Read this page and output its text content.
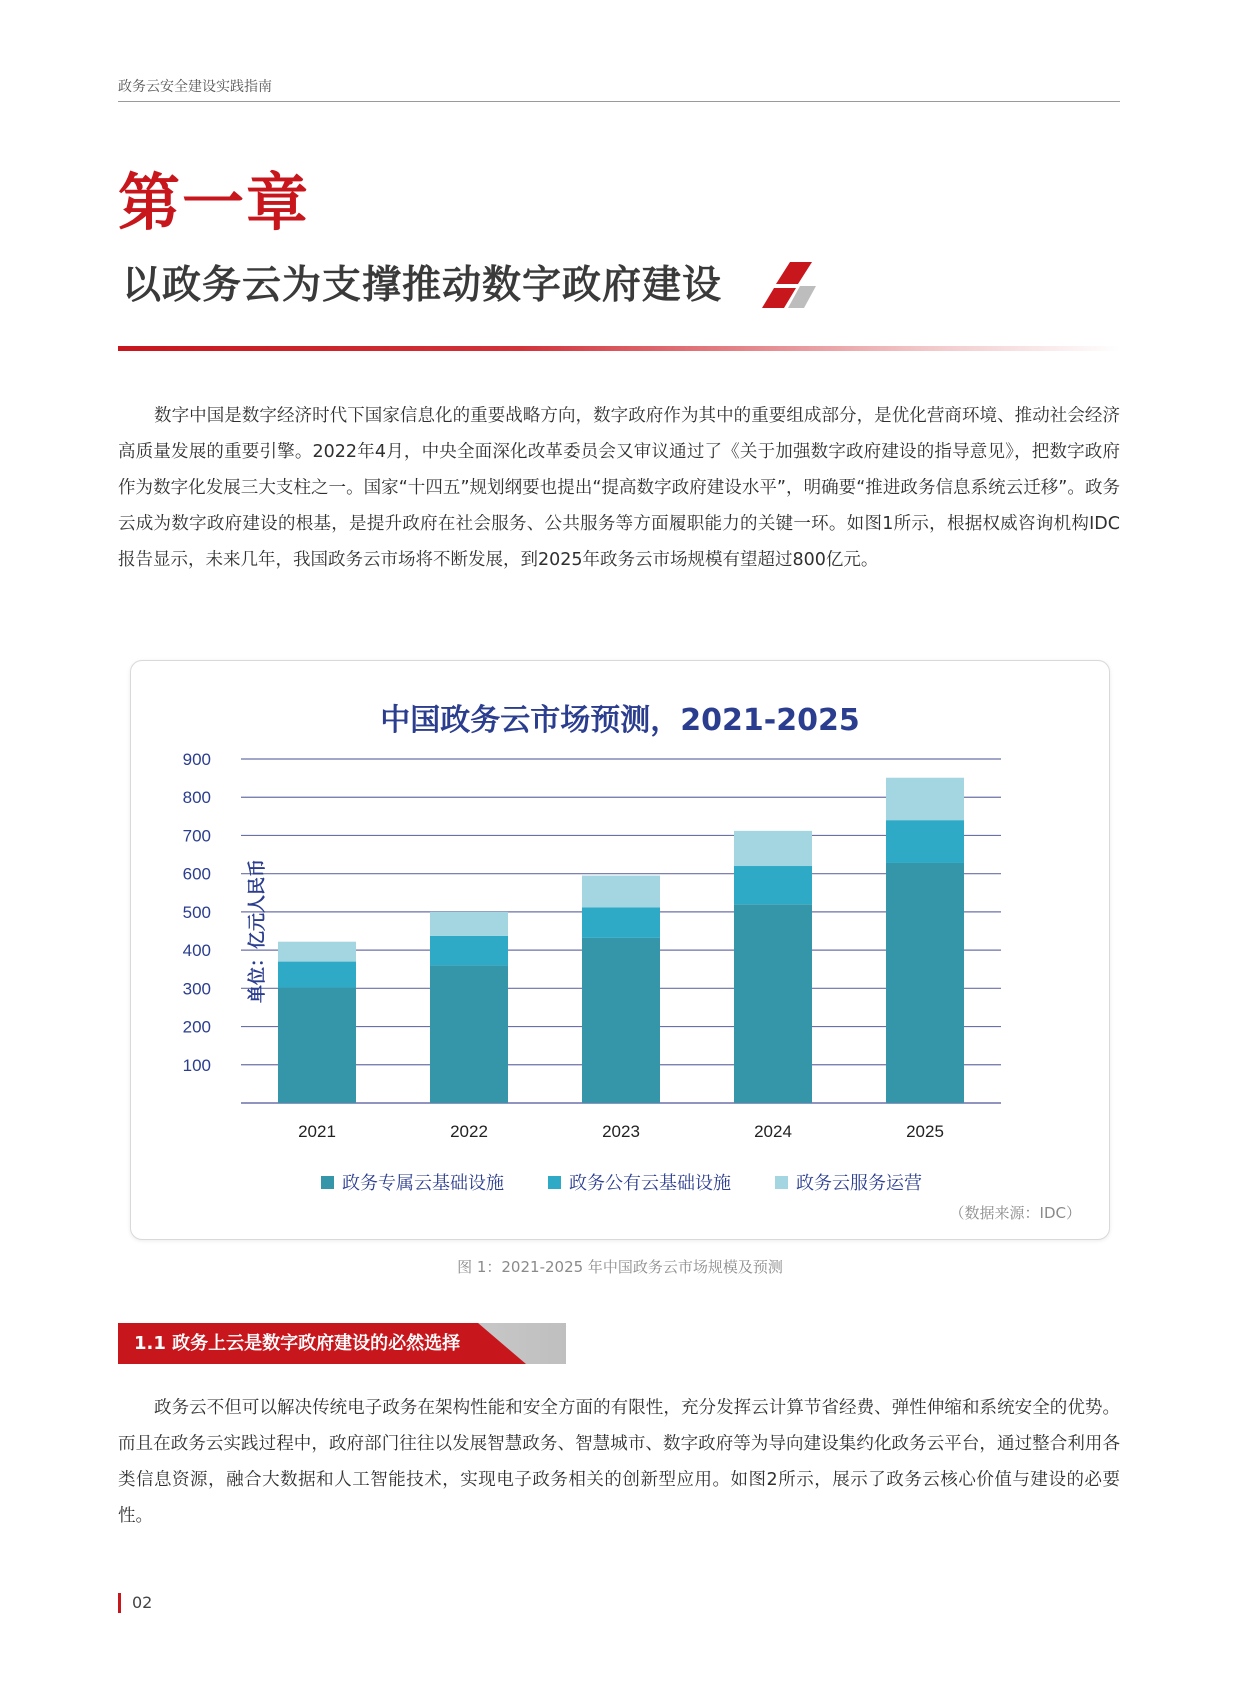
政务云安全建设实践指南
第一章
以政务云为支撑推动数字政府建设

数字中国是数字经济时代下国家信息化的重要战略方向，数字政府作为其中的重要组成部分，是优化营商环境、推动社会经济高质量发展的重要引擎。2022年4月，中央全面深化改革委员会又审议通过了《关于加强数字政府建设的指导意见》，把数字政府作为数字化发展三大支柱之一。国家“十四五”规划纲要也提出“提高数字政府建设水平”，明确要“推进政务信息系统云迁移”。政务云成为数字政府建设的根基，是提升政府在社会服务、公共服务等方面履职能力的关键一环。如图1所示，根据权威咨询机构IDC报告显示，未来几年，我国政务云市场将不断发展，到2025年政务云市场规模有望超过800亿元。

中国政务云市场预测，2021-2025
100
200
300
400
500
600
700
800
900
单位：亿元人民币
2021	2022	2023	2024	2025
政务专属云基础设施	政务公有云基础设施	政务云服务运营
（数据来源：IDC）
图 1：2021-2025 年中国政务云市场规模及预测
1.1 政务上云是数字政府建设的必然选择

政务云不但可以解决传统电子政务在架构性能和安全方面的有限性，充分发挥云计算节省经费、弹性伸缩和系统安全的优势。而且在政务云实践过程中，政府部门往往以发展智慧政务、智慧城市、数字政府等为导向建设集约化政务云平台，通过整合利用各类信息资源，融合大数据和人工智能技术，实现电子政务相关的创新型应用。如图2所示，展示了政务云核心价值与建设的必要性。

02
